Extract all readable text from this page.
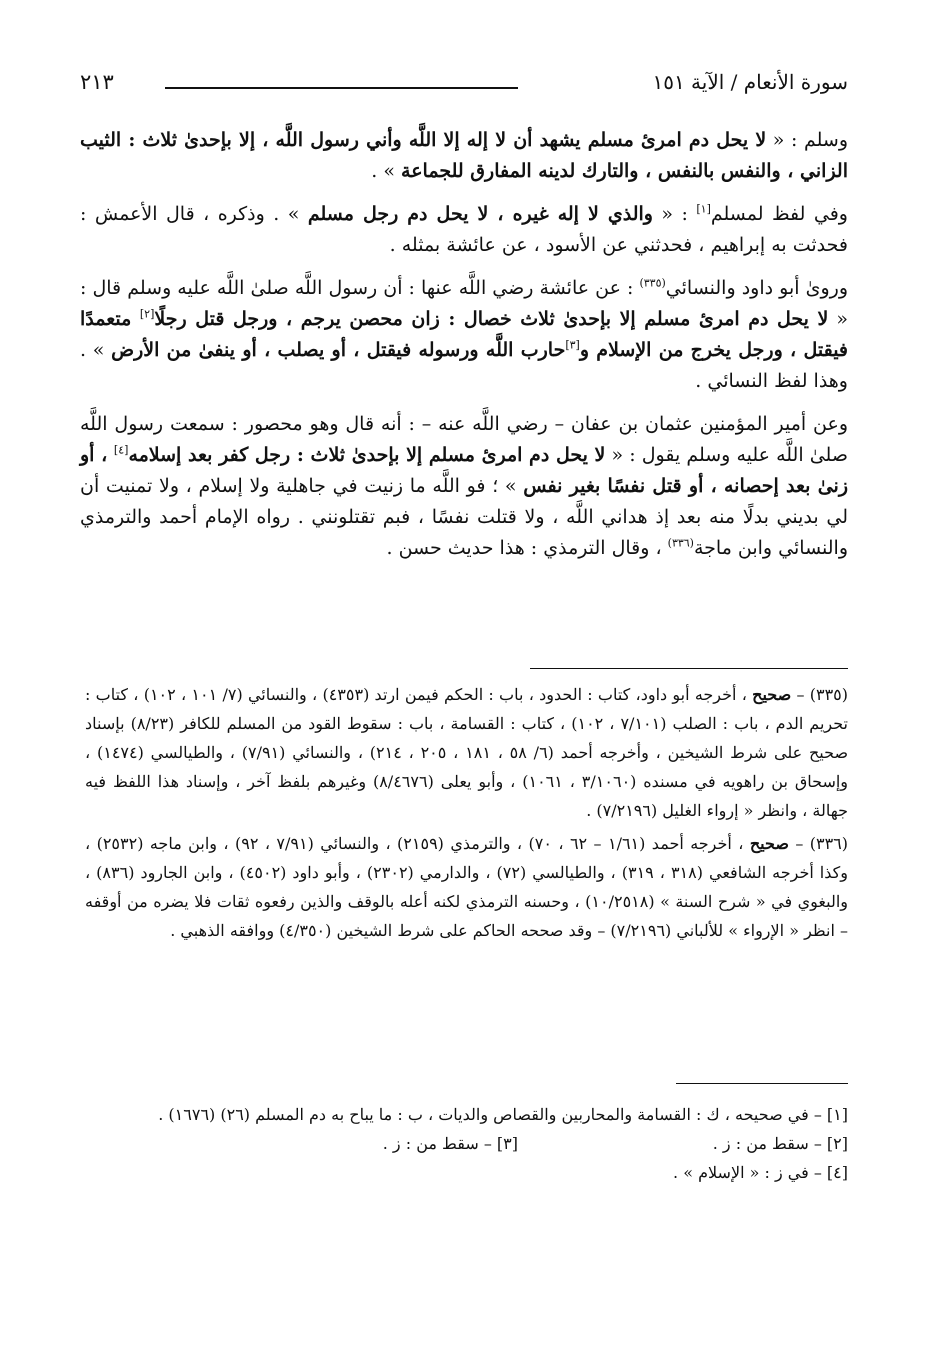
سورة الأنعام / الآية ١٥١
٢١٣

وسلم : « لا يحل دم امرئ مسلم يشهد أن لا إله إلا اللَّه وأني رسول اللَّه ، إلا بإحدىٰ ثلاث : الثيب الزاني ، والنفس بالنفس ، والتارك لدينه المفارق للجماعة » .

وفي لفظ لمسلم[١] : « والذي لا إله غيره ، لا يحل دم رجل مسلم » . وذكره ، قال الأعمش : فحدثت به إبراهيم ، فحدثني عن الأسود ، عن عائشة بمثله .

وروىٰ أبو داود والنسائي$^{(٣٣٥)}$ : عن عائشة رضي اللَّه عنها : أن رسول اللَّه صلىٰ اللَّه عليه وسلم قال : « لا يحل دم امرئ مسلم إلا بإحدىٰ ثلاث خصال : زان محصن يرجم ، ورجل قتل رجلًا[٢] متعمدًا فيقتل ، ورجل يخرج من الإسلام و[٣]حارب اللَّه ورسوله فيقتل ، أو يصلب ، أو ينفىٰ من الأرض » . وهذا لفظ النسائي .

وعن أمير المؤمنين عثمان بن عفان – رضي اللَّه عنه – : أنه قال وهو محصور : سمعت رسول اللَّه صلىٰ اللَّه عليه وسلم يقول : « لا يحل دم امرئ مسلم إلا بإحدىٰ ثلاث : رجل كفر بعد إسلامه[٤] ، أو زنىٰ بعد إحصانه ، أو قتل نفسًا بغير نفس » ؛ فو اللَّه ما زنيت في جاهلية ولا إسلام ، ولا تمنيت أن لي بديني بدلًا منه بعد إذ هداني اللَّه ، ولا قتلت نفسًا ، فبم تقتلونني . رواه الإمام أحمد والترمذي والنسائي وابن ماجة$^{(٣٣٦)}$ ، وقال الترمذي : هذا حديث حسن .

(٣٣٥) – صحيح ، أخرجه أبو داود، كتاب : الحدود ، باب : الحكم فيمن ارتد (٤٣٥٣) ، والنسائي (٧/ ١٠١ ، ١٠٢) ، كتاب : تحريم الدم ، باب : الصلب (٧/١٠١ ، ١٠٢) ، كتاب : القسامة ، باب : سقوط القود من المسلم للكافر (٨/٢٣) بإسناد صحيح على شرط الشيخين ، وأخرجه أحمد (٦/ ٥٨ ، ١٨١ ، ٢٠٥ ، ٢١٤) ، والنسائي (٧/٩١) ، والطيالسي (١٤٧٤) ، وإسحاق بن راهويه في مسنده (٣/١٠٦٠ ، ١٠٦١) ، وأبو يعلى (٨/٤٦٧٦) وغيرهم بلفظ آخر ، وإسناد هذا اللفظ فيه جهالة ، وانظر « إرواء الغليل (٧/٢١٩٦) .

(٣٣٦) – صحيح ، أخرجه أحمد (١/٦١ – ٦٢ ، ٧٠) ، والترمذي (٢١٥٩) ، والنسائي (٧/٩١ ، ٩٢) ، وابن ماجه (٢٥٣٢) ، وكذا أخرجه الشافعي (٣١٨ ، ٣١٩) ، والطيالسي (٧٢) ، والدارمي (٢٣٠٢) ، وأبو داود (٤٥٠٢) ، وابن الجارود (٨٣٦) ، والبغوي في « شرح السنة » (١٠/٢٥١٨) ، وحسنه الترمذي لكنه أعله بالوقف والذين رفعوه ثقات فلا يضره من أوقفه – انظر « الإرواء » للألباني (٧/٢١٩٦) – وقد صححه الحاكم على شرط الشيخين (٤/٣٥٠) ووافقه الذهبي .

[١] – في صحيحه ، ك : القسامة والمحاربين والقصاص والديات ، ب : ما يباح به دم المسلم (٢٦) (١٦٧٦) .

[٢] – سقط من : ز .
[٣] – سقط من : ز .

[٤] – في ز : « الإسلام » .
